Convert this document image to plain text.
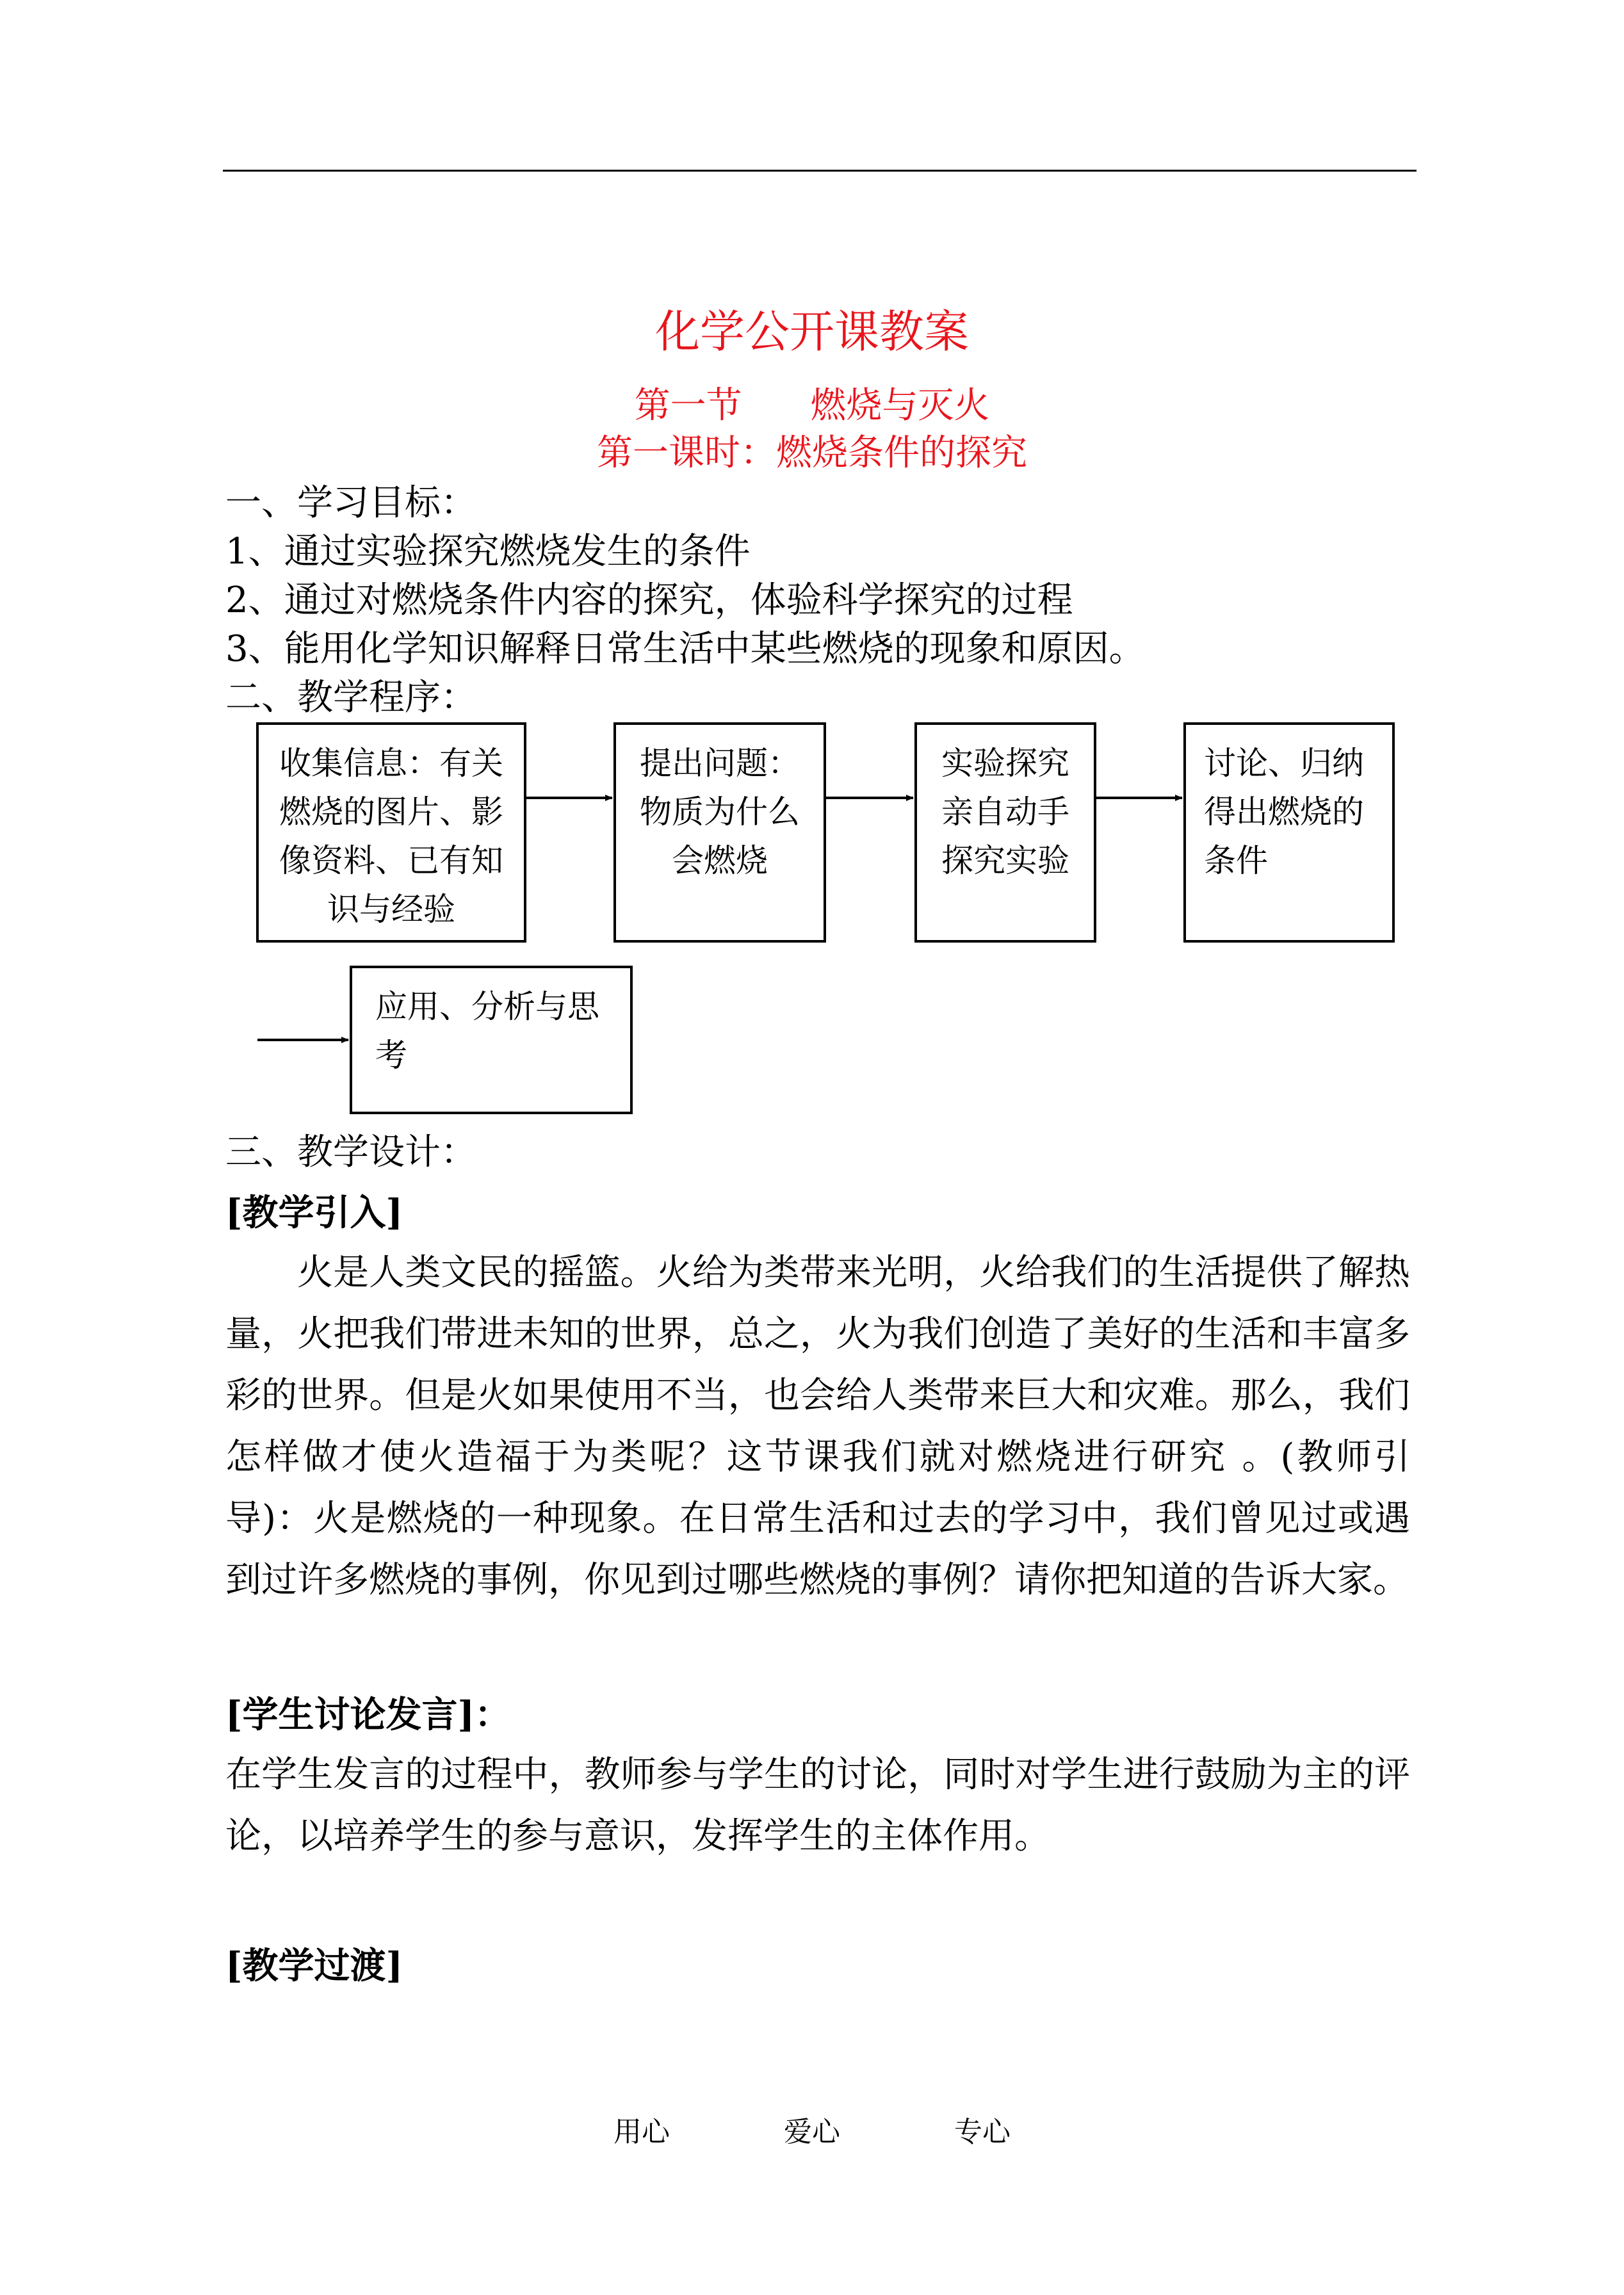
化学公开课教案
第一节      燃烧与灭火
第一课时：燃烧条件的探究
一、学习目标：
1、通过实验探究燃烧发生的条件
2、通过对燃烧条件内容的探究，体验科学探究的过程
3、能用化学知识解释日常生活中某些燃烧的现象和原因。
二、教学程序：
收集信息：有关燃烧的图片、影像资料、已有知识与经验
提出问题：物质为什么会燃烧
实验探究亲自动手探究实验
讨论、归纳得出燃烧的条件
应用、分析与思考
三、教学设计：
[教学引入]
火是人类文民的摇篮。火给为类带来光明，火给我们的生活提供了解热量，火把我们带进未知的世界，总之，火为我们创造了美好的生活和丰富多彩的世界。但是火如果使用不当，也会给人类带来巨大和灾难。那么，我们怎样做才使火造福于为类呢？这节课我们就对燃烧进行研究 。(教师引导)：火是燃烧的一种现象。在日常生活和过去的学习中，我们曾见过或遇到过许多燃烧的事例，你见到过哪些燃烧的事例？请你把知道的告诉大家。
[学生讨论发言]：
在学生发言的过程中，教师参与学生的讨论，同时对学生进行鼓励为主的评论，以培养学生的参与意识，发挥学生的主体作用。
[教学过渡]
用心	爱心	专心
